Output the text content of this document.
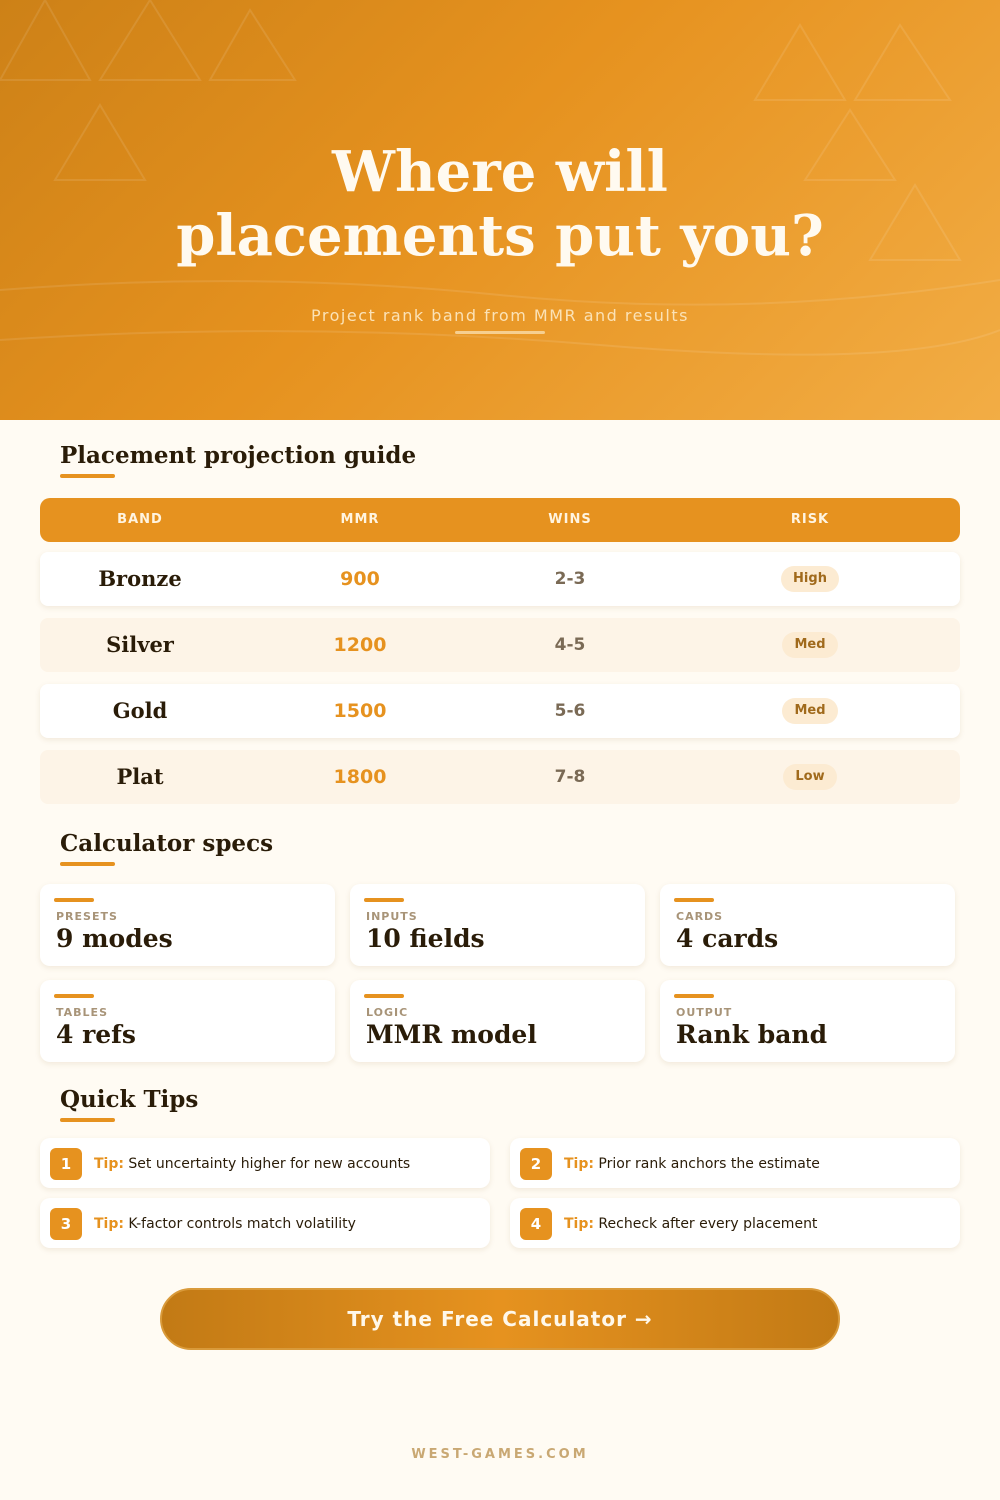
Where will
placements put you?
Project rank band from MMR and results
Placement projection guide
BAND	MMR	WINS	RISK
Bronze	900	2-3	High
Silver	1200	4-5	Med
Gold	1500	5-6	Med
Plat	1800	7-8	Low
Calculator specs
PRESETS
9 modes
INPUTS
10 fields
CARDS
4 cards
TABLES
4 refs
LOGIC
MMR model
OUTPUT
Rank band
Quick Tips
1	Tip: Set uncertainty higher for new accounts	2	Tip: Prior rank anchors the estimate
3	Tip: K-factor controls match volatility	4	Tip: Recheck after every placement
Try the Free Calculator →
WEST-GAMES.COM
